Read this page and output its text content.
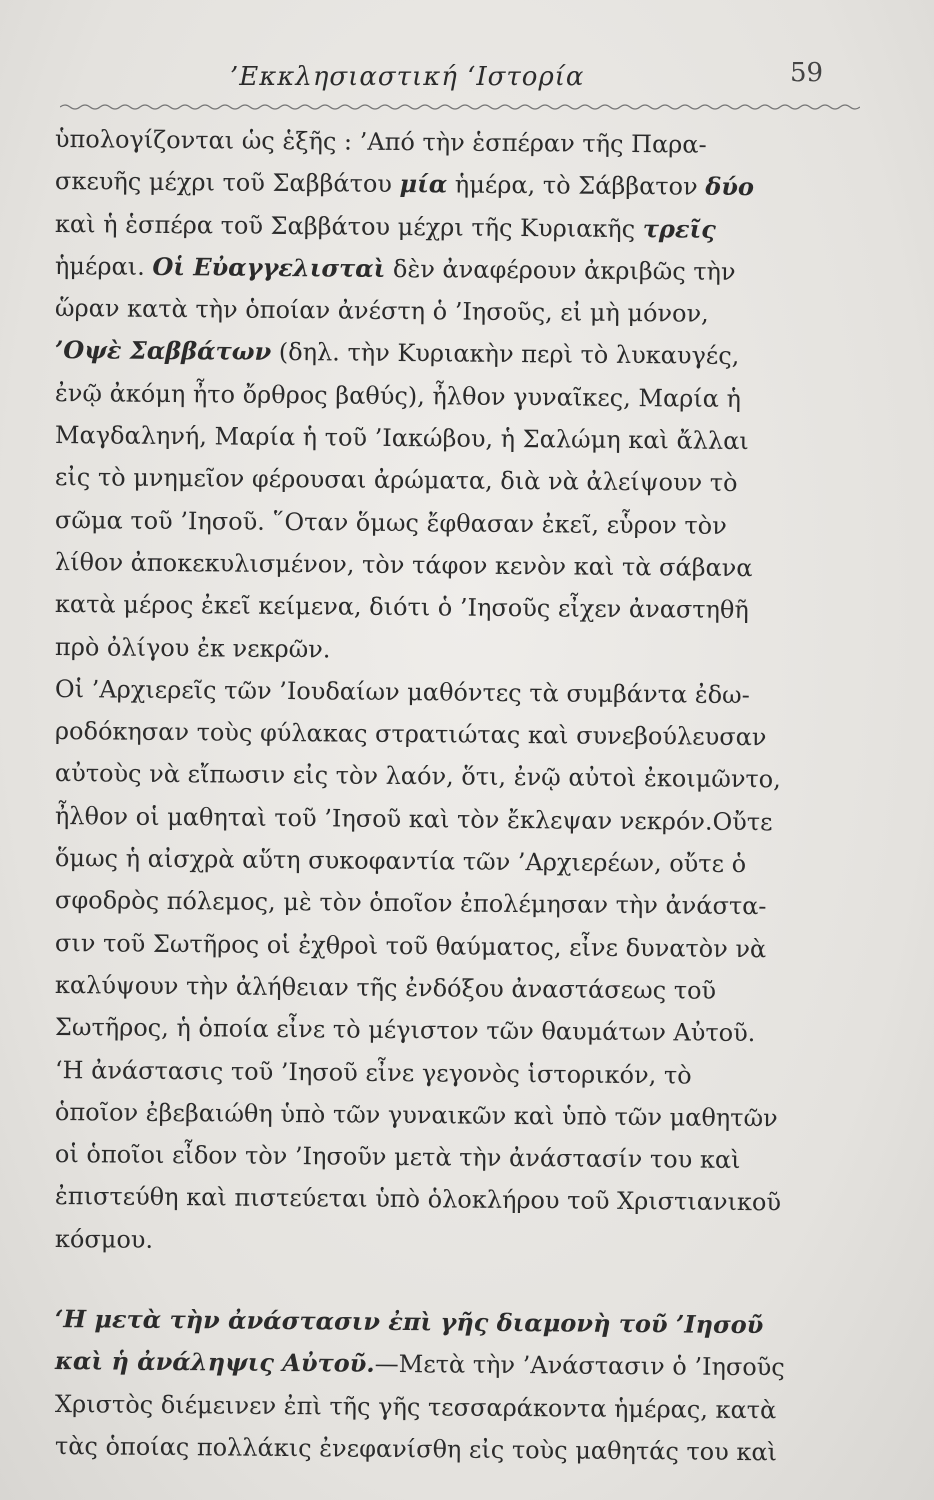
’Εκκλησιαστική ‘Ιστορία	59
ὑπολογίζονται ὡς ἑξῆς : ’Από τὴν ἑσπέραν τῆς Παρα-
σκευῆς μέχρι τοῦ Σαββάτου μία ἡμέρα, τὸ Σάββατον δύο
καὶ ἡ ἑσπέρα τοῦ Σαββάτου μέχρι τῆς Κυριακῆς τρεῖς
ἡμέραι. Οἱ Εὐαγγελισταὶ δὲν ἀναφέρουν ἀκριβῶς τὴν
ὥραν κατὰ τὴν ὁποίαν ἀνέστη ὁ ’Ιησοῦς, εἰ μὴ μόνον,
’Οψὲ Σαββάτων (δηλ. τὴν Κυριακὴν περὶ τὸ λυκαυγές,
ἐνῷ ἀκόμη ἦτο ὄρθρος βαθύς), ἦλθον γυναῖκες, Μαρία ἡ
Μαγδαληνή, Μαρία ἡ τοῦ ’Ιακώβου, ἡ Σαλώμη καὶ ἄλλαι
εἰς τὸ μνημεῖον φέρουσαι ἀρώματα, διὰ νὰ ἀλείψουν τὸ
σῶμα τοῦ ’Ιησοῦ. ῞Οταν ὅμως ἔφθασαν ἐκεῖ, εὗρον τὸν
λίθον ἀποκεκυλισμένον, τὸν τάφον κενὸν καὶ τὰ σάβανα
κατὰ μέρος ἐκεῖ κείμενα, διότι ὁ ’Ιησοῦς εἶχεν ἀναστηθῆ
πρὸ ὀλίγου ἐκ νεκρῶν.
Οἱ ’Αρχιερεῖς τῶν ’Ιουδαίων μαθόντες τὰ συμβάντα ἐδω-
ροδόκησαν τοὺς φύλακας στρατιώτας καὶ συνεβούλευσαν
αὐτοὺς νὰ εἴπωσιν εἰς τὸν λαόν, ὅτι, ἐνῷ αὐτοὶ ἐκοιμῶντο,
ἦλθον οἱ μαθηταὶ τοῦ ’Ιησοῦ καὶ τὸν ἔκλεψαν νεκρόν.Οὔτε
ὅμως ἡ αἰσχρὰ αὕτη συκοφαντία τῶν ’Αρχιερέων, οὔτε ὁ
σφοδρὸς πόλεμος, μὲ τὸν ὁποῖον ἐπολέμησαν τὴν ἀνάστα-
σιν τοῦ Σωτῆρος οἱ ἐχθροὶ τοῦ θαύματος, εἶνε δυνατὸν νὰ
καλύψουν τὴν ἀλήθειαν τῆς ἐνδόξου ἀναστάσεως τοῦ
Σωτῆρος, ἡ ὁποία εἶνε τὸ μέγιστον τῶν θαυμάτων Αὐτοῦ.
‘Η ἀνάστασις τοῦ ’Ιησοῦ εἶνε γεγονὸς ἱστορικόν, τὸ
ὁποῖον ἐβεβαιώθη ὑπὸ τῶν γυναικῶν καὶ ὑπὸ τῶν μαθητῶν
οἱ ὁποῖοι εἶδον τὸν ’Ιησοῦν μετὰ τὴν ἀνάστασίν του καὶ
ἐπιστεύθη καὶ πιστεύεται ὑπὸ ὁλοκλήρου τοῦ Χριστιανικοῦ
κόσμου.
‘Η μετὰ τὴν ἀνάστασιν ἐπὶ γῆς διαμονὴ τοῦ ’Ιησοῦ
καὶ ἡ ἀνάληψις Αὐτοῦ.—Μετὰ τὴν ’Ανάστασιν ὁ ’Ιησοῦς
Χριστὸς διέμεινεν ἐπὶ τῆς γῆς τεσσαράκοντα ἡμέρας, κατὰ
τὰς ὁποίας πολλάκις ἐνεφανίσθη εἰς τοὺς μαθητάς του καὶ
